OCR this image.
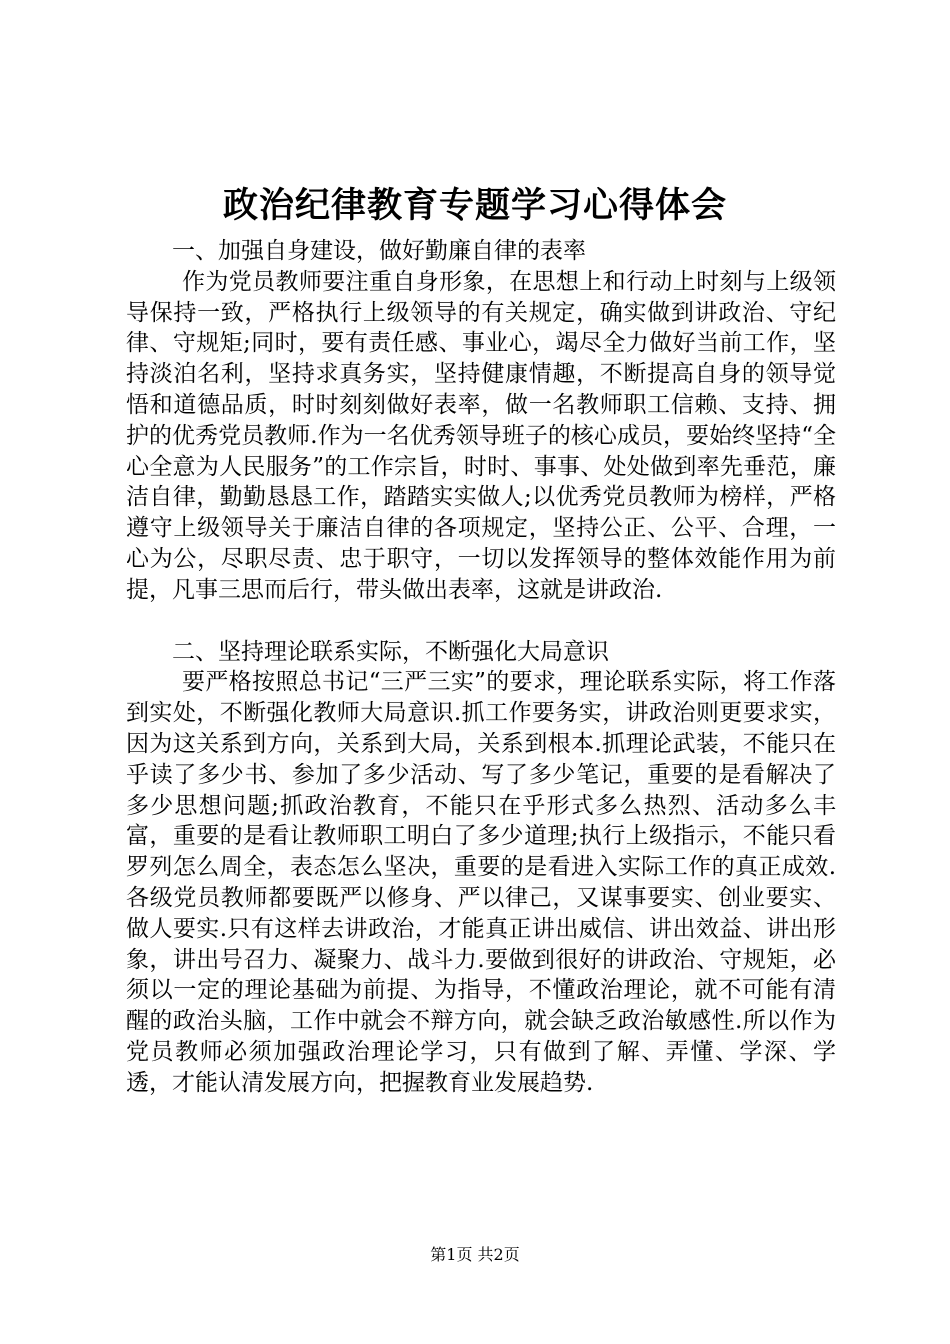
政治纪律教育专题学习心得体会

一、加强自身建设，做好勤廉自律的表率

作为党员教师要注重自身形象，在思想上和行动上时刻与上级领导保持一致，严格执行上级领导的有关规定，确实做到讲政治、守纪律、守规矩;同时，要有责任感、事业心，竭尽全力做好当前工作，坚持淡泊名利，坚持求真务实，坚持健康情趣，不断提高自身的领导觉悟和道德品质，时时刻刻做好表率，做一名教师职工信赖、支持、拥护的优秀党员教师.作为一名优秀领导班子的核心成员，要始终坚持“全心全意为人民服务”的工作宗旨，时时、事事、处处做到率先垂范，廉洁自律，勤勤恳恳工作，踏踏实实做人;以优秀党员教师为榜样，严格遵守上级领导关于廉洁自律的各项规定，坚持公正、公平、合理，一心为公，尽职尽责、忠于职守，一切以发挥领导的整体效能作用为前提，凡事三思而后行，带头做出表率，这就是讲政治.

二、坚持理论联系实际，不断强化大局意识

要严格按照总书记“三严三实”的要求，理论联系实际，将工作落到实处，不断强化教师大局意识.抓工作要务实，讲政治则更要求实，因为这关系到方向，关系到大局，关系到根本.抓理论武装，不能只在乎读了多少书、参加了多少活动、写了多少笔记，重要的是看解决了多少思想问题;抓政治教育，不能只在乎形式多么热烈、活动多么丰富，重要的是看让教师职工明白了多少道理;执行上级指示，不能只看罗列怎么周全，表态怎么坚决，重要的是看进入实际工作的真正成效.各级党员教师都要既严以修身、严以律己，又谋事要实、创业要实、做人要实.只有这样去讲政治，才能真正讲出威信、讲出效益、讲出形象，讲出号召力、凝聚力、战斗力.要做到很好的讲政治、守规矩，必须以一定的理论基础为前提、为指导，不懂政治理论，就不可能有清醒的政治头脑，工作中就会不辩方向，就会缺乏政治敏感性.所以作为党员教师必须加强政治理论学习，只有做到了解、弄懂、学深、学透，才能认清发展方向，把握教育业发展趋势.

第1页 共2页
